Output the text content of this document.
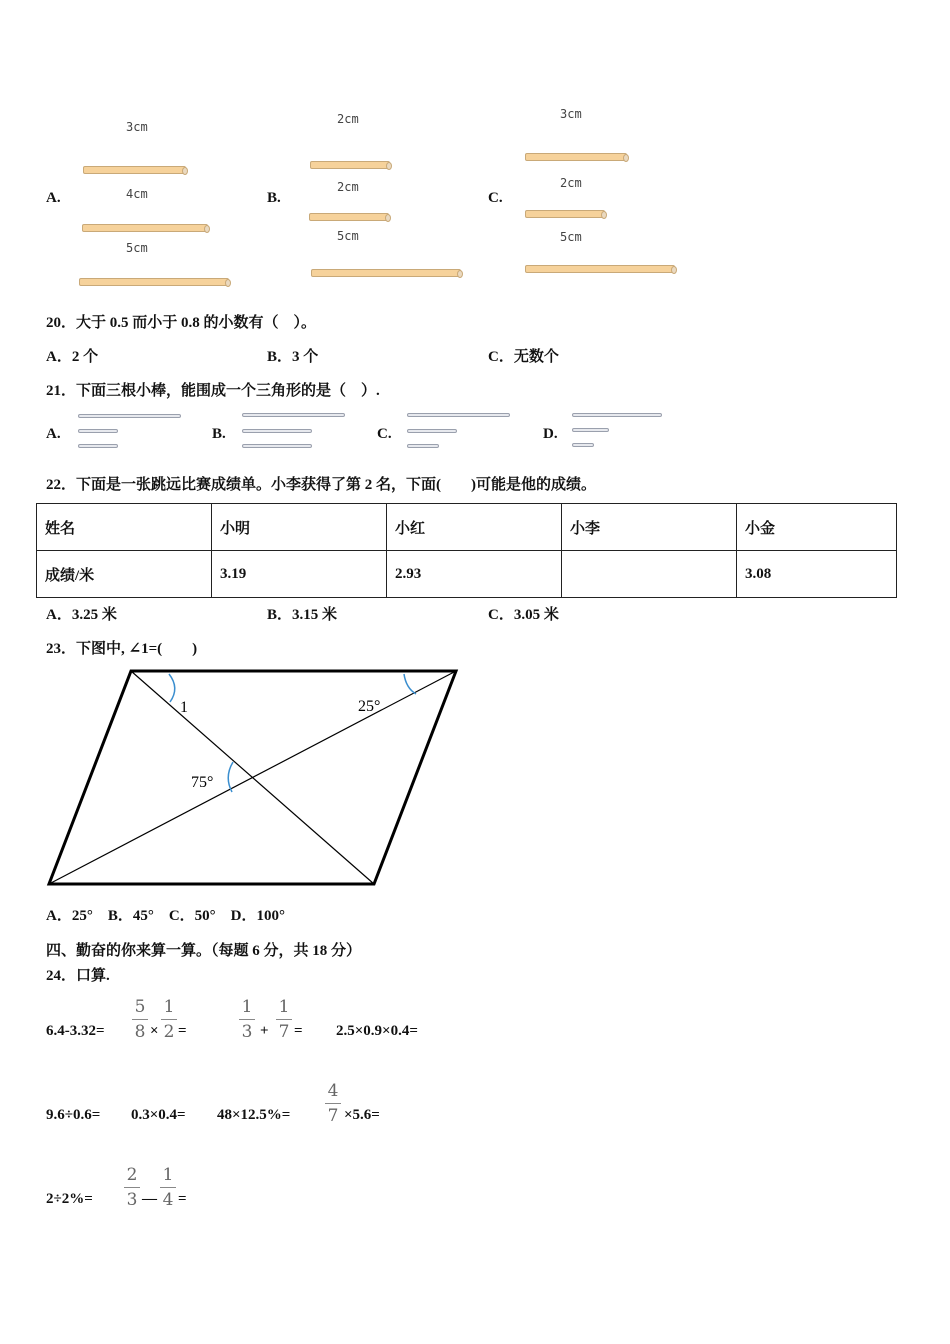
A.
3cm
4cm
5cm
B.
2cm
2cm
5cm
C.
3cm
2cm
5cm
20．大于 0.5 而小于 0.8 的小数有（　）。
A．2 个	B．3 个	C．无数个
21．下面三根小棒，能围成一个三角形的是（　）.
A.	B.	C.	D.
22．下面是一张跳远比赛成绩单。小李获得了第 2 名，下面(　　)可能是他的成绩。
姓名	小明	小红	小李	小金
成绩/米	3.19	2.93		3.08
A．3.25 米	B．3.15 米	C．3.05 米
23．下图中, ∠1=(　　)
1	25°
75°
A．25°　B．45°　C．50°　D．100°
四、勤奋的你来算一算。（每题 6 分，共 18 分）
24．口算.
6.4-3.32=
5
8 ×
1
2 =
1
3 +
1
7 = 2.5×0.9×0.4=
9.6÷0.6= 0.3×0.4= 48×12.5%=
4
7 ×5.6=
2÷2%=
2
3 —
1
4 =
